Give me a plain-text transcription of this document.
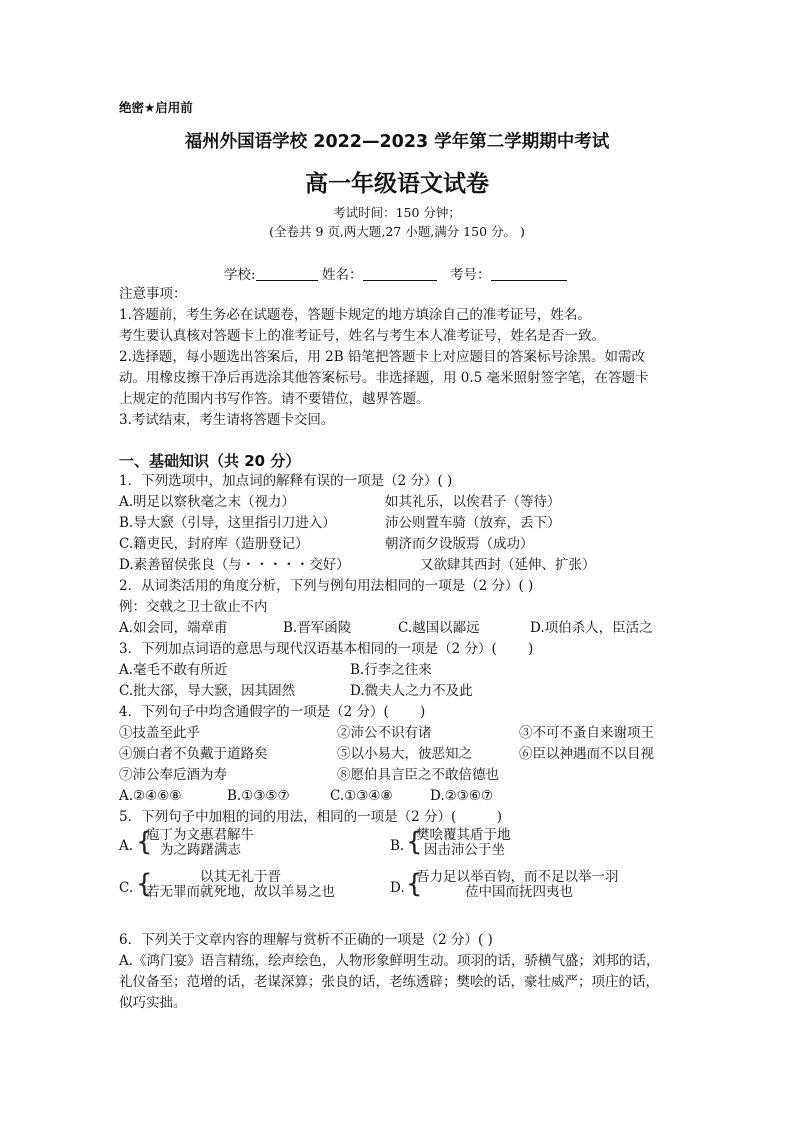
绝密★启用前
福州外国语学校 2022—2023 学年第二学期期中考试
高一年级语文试卷
考试时间：150 分钟；
(全卷共 9 页,两大题,27 小题,满分 150 分。 )
学校:	姓名：	考号：
注意事项：
1.答题前，考生务必在试题卷，答题卡规定的地方填涂自己的准考证号，姓名。
考生要认真核对答题卡上的准考证号，姓名与考生本人准考证号，姓名是否一致。
2.选择题，每小题选出答案后，用 2B 铅笔把答题卡上对应题目的答案标号涂黑。如需改
动。用橡皮擦干净后再选涂其他答案标号。非选择题，用 0.5 毫米照射签字笔，在答题卡
上规定的范围内书写作答。请不要错位，越界答题。
3.考试结束，考生请将答题卡交回。
一、基础知识（共 20 分）
1．下列选项中，加点词的解释有误的一项是（2 分）( )
A.明足以察秋毫之末（视力）	如其礼乐，以俟君子（等待）
B.导大窾（引导，这里指引刀进入）	沛公则置车骑（放弃，丢下）
C.籍吏民，封府库（造册登记）	朝济而夕设版焉（成功）
D.素善留侯张良（与・・・・・交好）	又欲肆其西封（延伸、扩张）
2．从词类活用的角度分析，下列与例句用法相同的一项是（2 分）( )
例：交戟之卫士欲止不内
A.如会同，端章甫	B.晋军函陵	C.越国以鄙远	D.项伯杀人，臣活之
3．下列加点词语的意思与现代汉语基本相同的一项是（2 分）(　　 )
A.毫毛不敢有所近	B.行李之往来
C.批大郤，导大窾，因其固然	D.微夫人之力不及此
4．下列句子中均含通假字的一项是（2 分）(　　 )
①技盖至此乎	②沛公不识有诸	③不可不蚤自来谢项王
④颁白者不负戴于道路矣	⑤以小易大，彼恶知之	⑥臣以神遇而不以目视
⑦沛公奉卮酒为寿	⑧愿伯具言臣之不敢倍德也
A.②④⑥⑧	B.①③⑤⑦	C.①③④⑧	D.②③⑥⑦
5．下列句子中加粗的词的用法，相同的一项是（2 分）(　　　)
A. {
庖丁为文惠君解牛
为之踌躇满志	B. {
樊哙覆其盾于地
因击沛公于坐
C. {	以其无礼于晋
若无罪而就死地，故以羊易之也	D. {
吾力足以举百钧，而不足以举一羽
莅中国而抚四夷也
6．下列关于文章内容的理解与赏析不正确的一项是（2 分）( )
A.《鸿门宴》语言精练，绘声绘色，人物形象鲜明生动。项羽的话，骄横气盛；刘邦的话，
礼仪备至；范增的话，老谋深算；张良的话，老练透辟；樊哙的话，豪壮威严；项庄的话，
似巧实拙。
